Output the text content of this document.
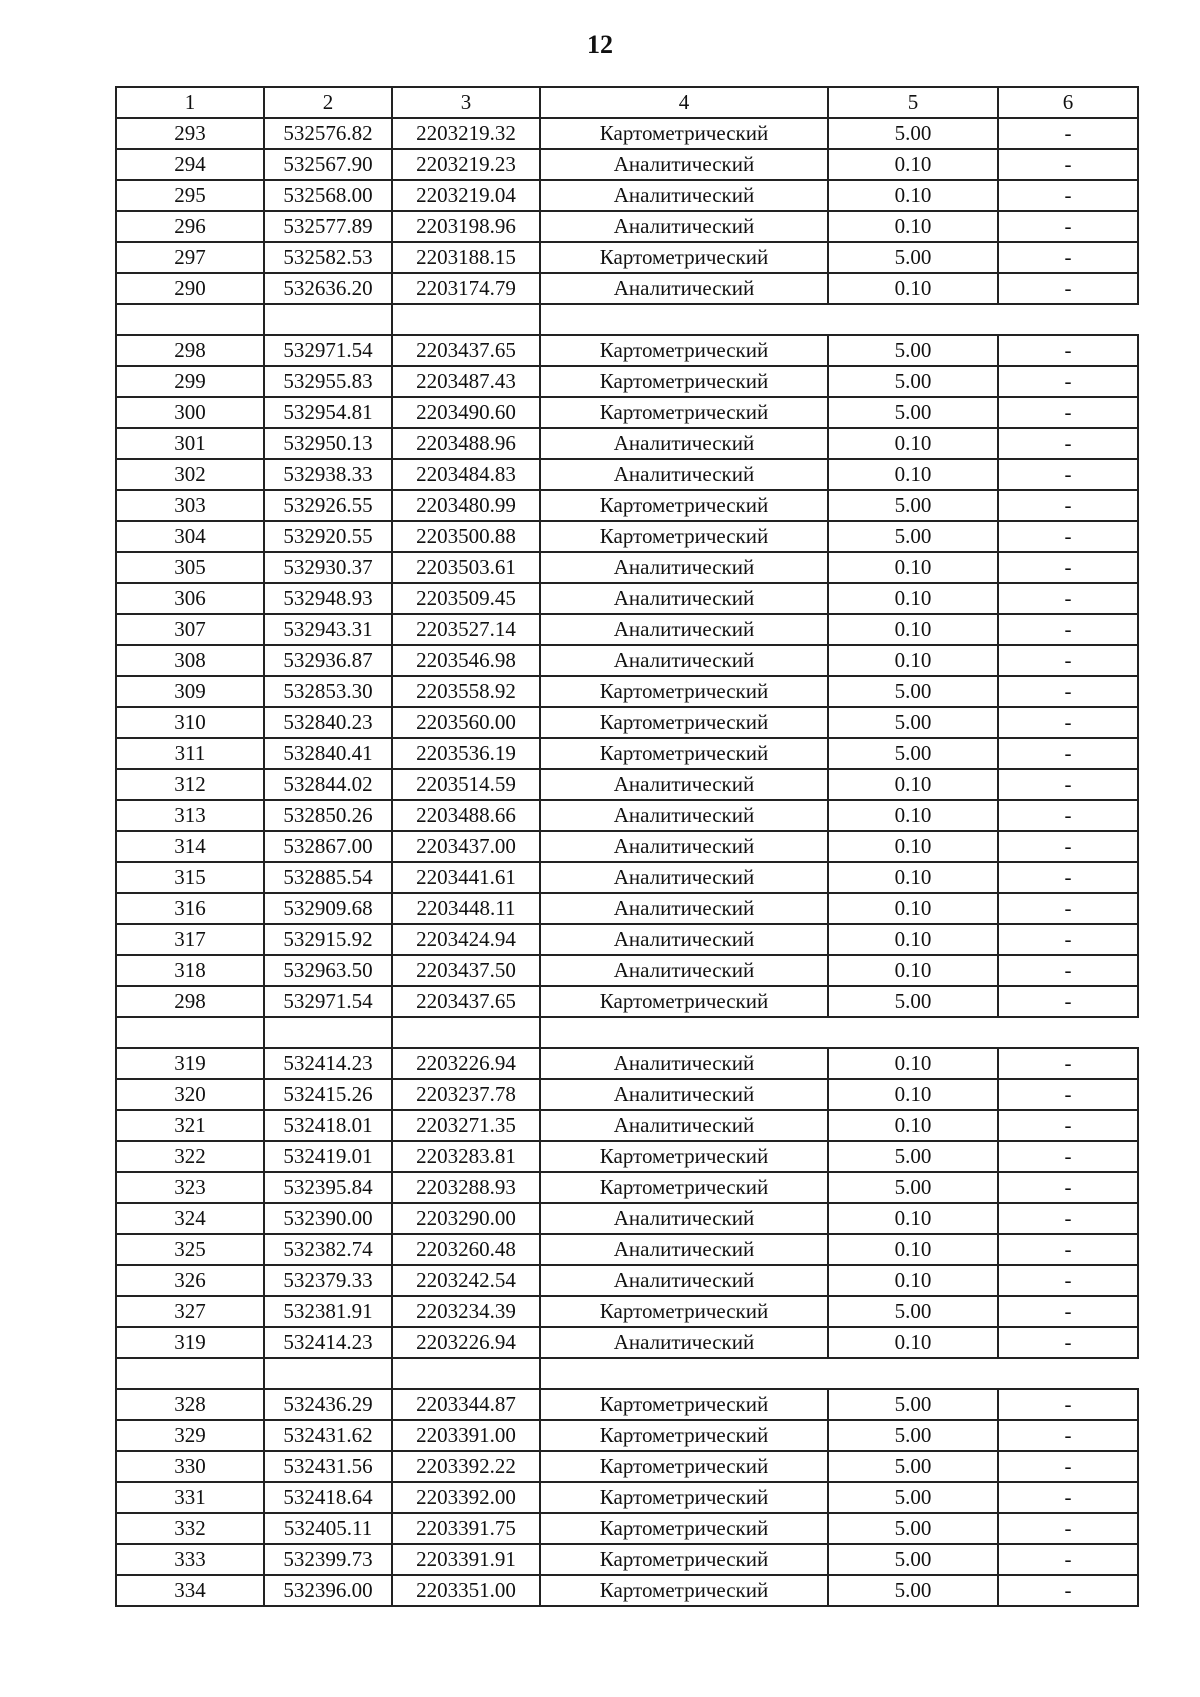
12
1	2	3	4	5	6
293	532576.82	2203219.32	Картометрический	5.00	-
294	532567.90	2203219.23	Аналитический	0.10	-
295	532568.00	2203219.04	Аналитический	0.10	-
296	532577.89	2203198.96	Аналитический	0.10	-
297	532582.53	2203188.15	Картометрический	5.00	-
290	532636.20	2203174.79	Аналитический	0.10	-

298	532971.54	2203437.65	Картометрический	5.00	-
299	532955.83	2203487.43	Картометрический	5.00	-
300	532954.81	2203490.60	Картометрический	5.00	-
301	532950.13	2203488.96	Аналитический	0.10	-
302	532938.33	2203484.83	Аналитический	0.10	-
303	532926.55	2203480.99	Картометрический	5.00	-
304	532920.55	2203500.88	Картометрический	5.00	-
305	532930.37	2203503.61	Аналитический	0.10	-
306	532948.93	2203509.45	Аналитический	0.10	-
307	532943.31	2203527.14	Аналитический	0.10	-
308	532936.87	2203546.98	Аналитический	0.10	-
309	532853.30	2203558.92	Картометрический	5.00	-
310	532840.23	2203560.00	Картометрический	5.00	-
311	532840.41	2203536.19	Картометрический	5.00	-
312	532844.02	2203514.59	Аналитический	0.10	-
313	532850.26	2203488.66	Аналитический	0.10	-
314	532867.00	2203437.00	Аналитический	0.10	-
315	532885.54	2203441.61	Аналитический	0.10	-
316	532909.68	2203448.11	Аналитический	0.10	-
317	532915.92	2203424.94	Аналитический	0.10	-
318	532963.50	2203437.50	Аналитический	0.10	-
298	532971.54	2203437.65	Картометрический	5.00	-

319	532414.23	2203226.94	Аналитический	0.10	-
320	532415.26	2203237.78	Аналитический	0.10	-
321	532418.01	2203271.35	Аналитический	0.10	-
322	532419.01	2203283.81	Картометрический	5.00	-
323	532395.84	2203288.93	Картометрический	5.00	-
324	532390.00	2203290.00	Аналитический	0.10	-
325	532382.74	2203260.48	Аналитический	0.10	-
326	532379.33	2203242.54	Аналитический	0.10	-
327	532381.91	2203234.39	Картометрический	5.00	-
319	532414.23	2203226.94	Аналитический	0.10	-

328	532436.29	2203344.87	Картометрический	5.00	-
329	532431.62	2203391.00	Картометрический	5.00	-
330	532431.56	2203392.22	Картометрический	5.00	-
331	532418.64	2203392.00	Картометрический	5.00	-
332	532405.11	2203391.75	Картометрический	5.00	-
333	532399.73	2203391.91	Картометрический	5.00	-
334	532396.00	2203351.00	Картометрический	5.00	-
